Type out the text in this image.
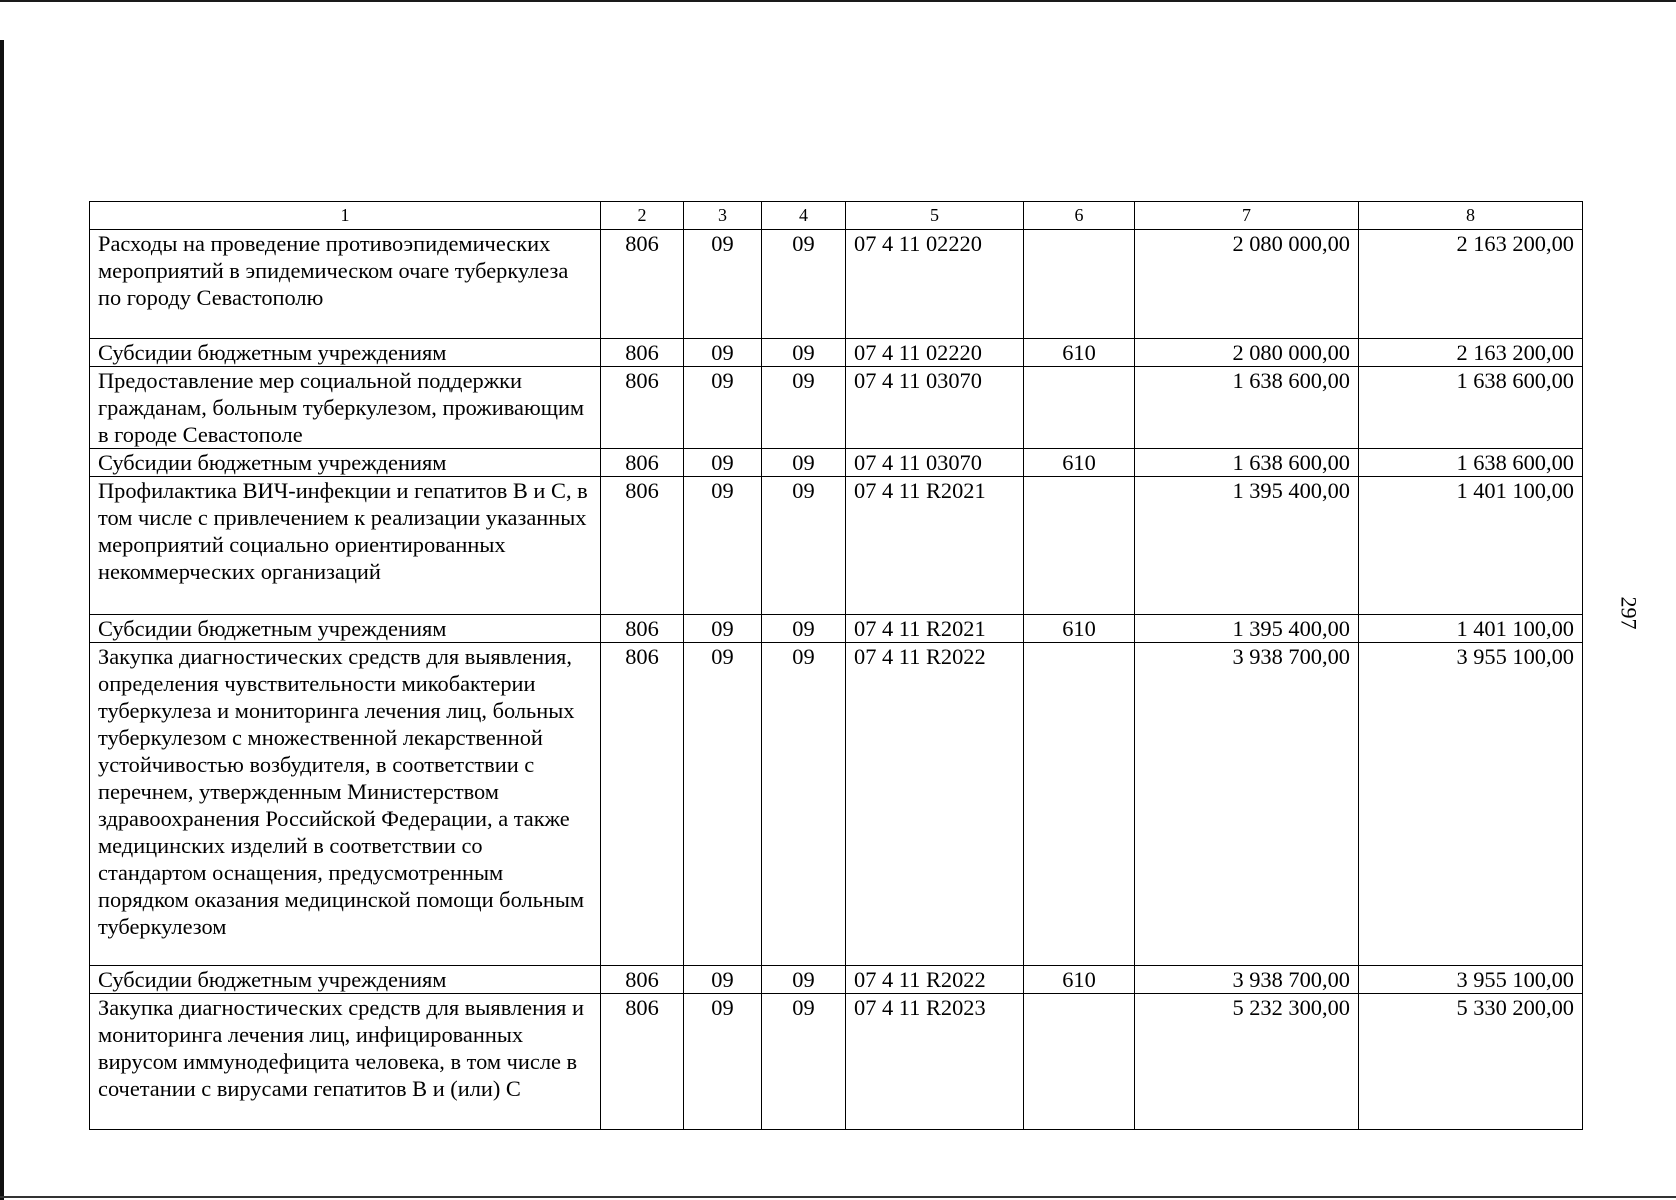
297
1	2	3	4	5	6	7	8
Расходы на проведение противоэпидемических мероприятий в эпидемическом очаге туберкулеза по городу Севастополю	806	09	09	07 4 11 02220		2 080 000,00	2 163 200,00
Субсидии бюджетным учреждениям	806	09	09	07 4 11 02220	610	2 080 000,00	2 163 200,00
Предоставление мер социальной поддержки гражданам, больным туберкулезом, проживающим в городе Севастополе	806	09	09	07 4 11 03070		1 638 600,00	1 638 600,00
Субсидии бюджетным учреждениям	806	09	09	07 4 11 03070	610	1 638 600,00	1 638 600,00
Профилактика ВИЧ-инфекции и гепатитов В и С, в том числе с привлечением к реализации указанных мероприятий социально ориентированных некоммерческих организаций	806	09	09	07 4 11 R2021		1 395 400,00	1 401 100,00
Субсидии бюджетным учреждениям	806	09	09	07 4 11 R2021	610	1 395 400,00	1 401 100,00
Закупка диагностических средств для выявления, определения чувствительности микобактерии туберкулеза и мониторинга лечения лиц, больных туберкулезом с множественной лекарственной устойчивостью возбудителя, в соответствии с перечнем, утвержденным Министерством здравоохранения Российской Федерации, а также медицинских изделий в соответствии со стандартом оснащения, предусмотренным порядком оказания медицинской помощи больным туберкулезом	806	09	09	07 4 11 R2022		3 938 700,00	3 955 100,00
Субсидии бюджетным учреждениям	806	09	09	07 4 11 R2022	610	3 938 700,00	3 955 100,00
Закупка диагностических средств для выявления и мониторинга лечения лиц, инфицированных вирусом иммунодефицита человека, в том числе в сочетании с вирусами гепатитов В и (или) С	806	09	09	07 4 11 R2023		5 232 300,00	5 330 200,00
